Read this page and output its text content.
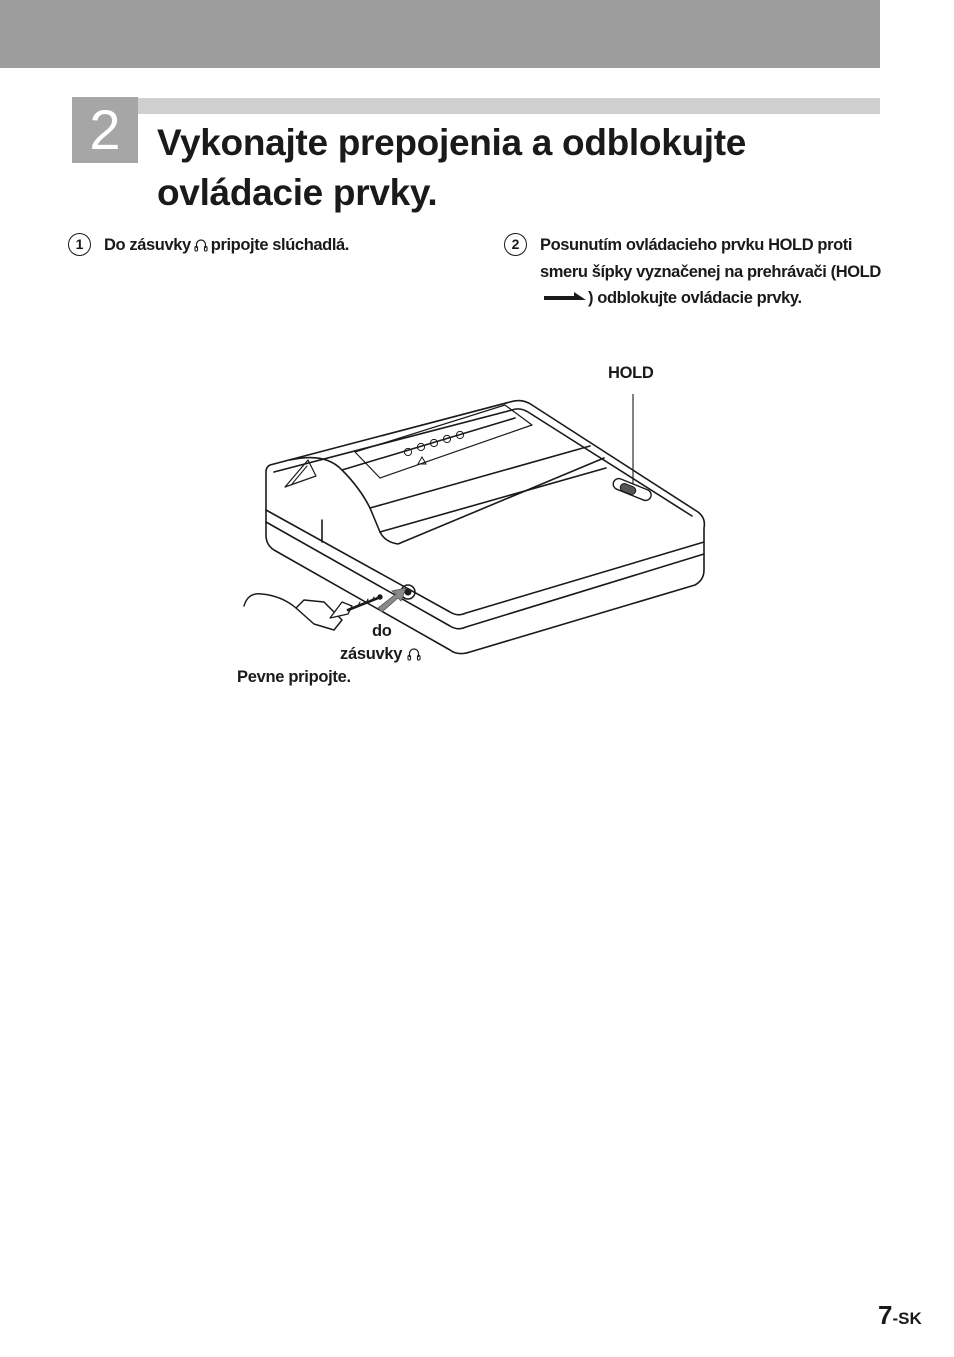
2 Vykonajte prepojenia a odblokujte ovládacie prvky.
1	Do zásuvky pripojte slúchadlá.	2	Posunutím ovládacieho prvku HOLD proti smeru šípky vyznačenej na prehrávači (HOLD) odblokujte ovládacie prvky.
HOLD
do
zásuvky
Pevne pripojte.
7-SK
